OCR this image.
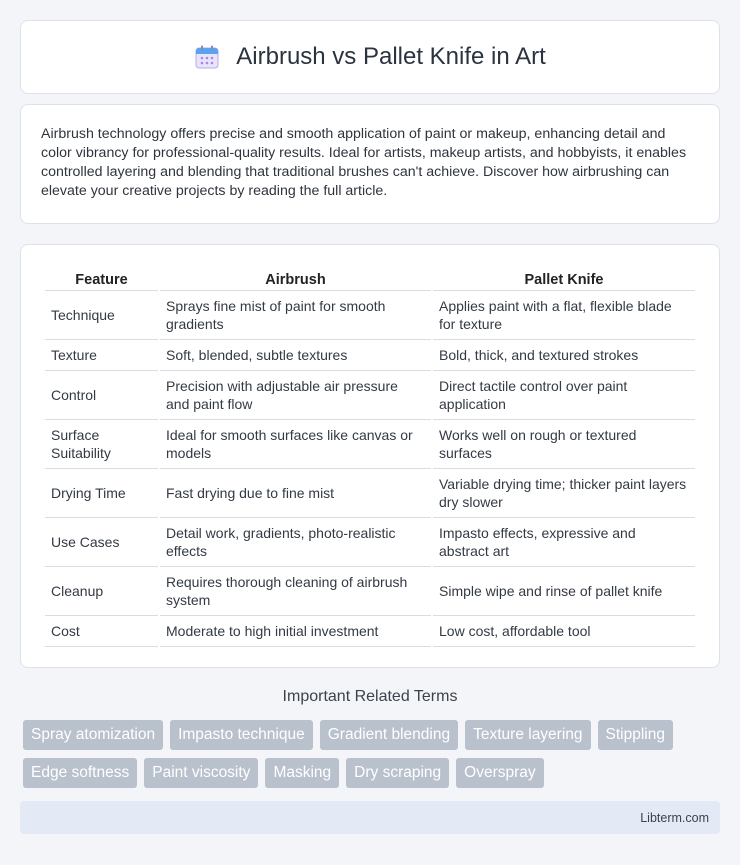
Airbrush vs Pallet Knife in Art

Airbrush technology offers precise and smooth application of paint or makeup, enhancing detail and color vibrancy for professional-quality results. Ideal for artists, makeup artists, and hobbyists, it enables controlled layering and blending that traditional brushes can't achieve. Discover how airbrushing can elevate your creative projects by reading the full article.

Feature	Airbrush	Pallet Knife
Technique	Sprays fine mist of paint for smooth gradients	Applies paint with a flat, flexible blade for texture
Texture	Soft, blended, subtle textures	Bold, thick, and textured strokes
Control	Precision with adjustable air pressure and paint flow	Direct tactile control over paint application
Surface Suitability	Ideal for smooth surfaces like canvas or models	Works well on rough or textured surfaces
Drying Time	Fast drying due to fine mist	Variable drying time; thicker paint layers dry slower
Use Cases	Detail work, gradients, photo-realistic effects	Impasto effects, expressive and abstract art
Cleanup	Requires thorough cleaning of airbrush system	Simple wipe and rinse of pallet knife
Cost	Moderate to high initial investment	Low cost, affordable tool
Important Related Terms
Spray atomization	Impasto technique	Gradient blending	Texture layering	Stippling
Edge softness	Paint viscosity	Masking	Dry scraping	Overspray
Libterm.com
